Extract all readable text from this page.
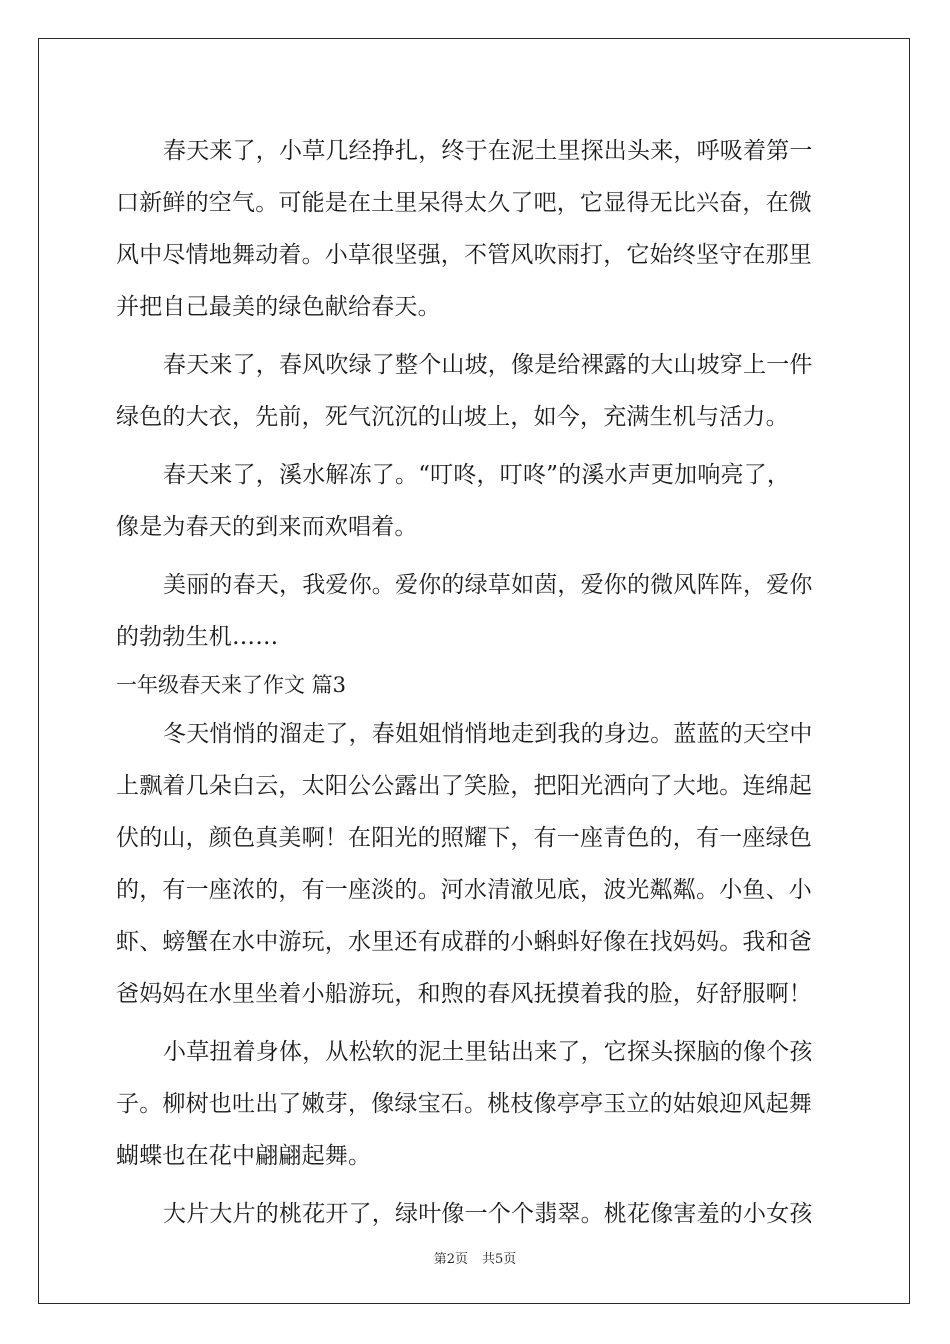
春天来了，小草几经挣扎，终于在泥土里探出头来，呼吸着第一
口新鲜的空气。可能是在土里呆得太久了吧，它显得无比兴奋，在微
风中尽情地舞动着。小草很坚强，不管风吹雨打，它始终坚守在那里
并把自己最美的绿色献给春天。
春天来了，春风吹绿了整个山坡，像是给裸露的大山坡穿上一件
绿色的大衣，先前，死气沉沉的山坡上，如今，充满生机与活力。
春天来了，溪水解冻了。“叮咚，叮咚”的溪水声更加响亮了，
像是为春天的到来而欢唱着。
美丽的春天，我爱你。爱你的绿草如茵，爱你的微风阵阵，爱你
的勃勃生机……
一年级春天来了作文 篇3
冬天悄悄的溜走了，春姐姐悄悄地走到我的身边。蓝蓝的天空中
上飘着几朵白云，太阳公公露出了笑脸，把阳光洒向了大地。连绵起
伏的山，颜色真美啊！在阳光的照耀下，有一座青色的，有一座绿色
的，有一座浓的，有一座淡的。河水清澈见底，波光粼粼。小鱼、小
虾、螃蟹在水中游玩，水里还有成群的小蝌蚪好像在找妈妈。我和爸
爸妈妈在水里坐着小船游玩，和煦的春风抚摸着我的脸，好舒服啊！
小草扭着身体，从松软的泥土里钻出来了，它探头探脑的像个孩
子。柳树也吐出了嫩芽，像绿宝石。桃枝像亭亭玉立的姑娘迎风起舞
蝴蝶也在花中翩翩起舞。
大片大片的桃花开了，绿叶像一个个翡翠。桃花像害羞的小女孩
第2页 共5页
